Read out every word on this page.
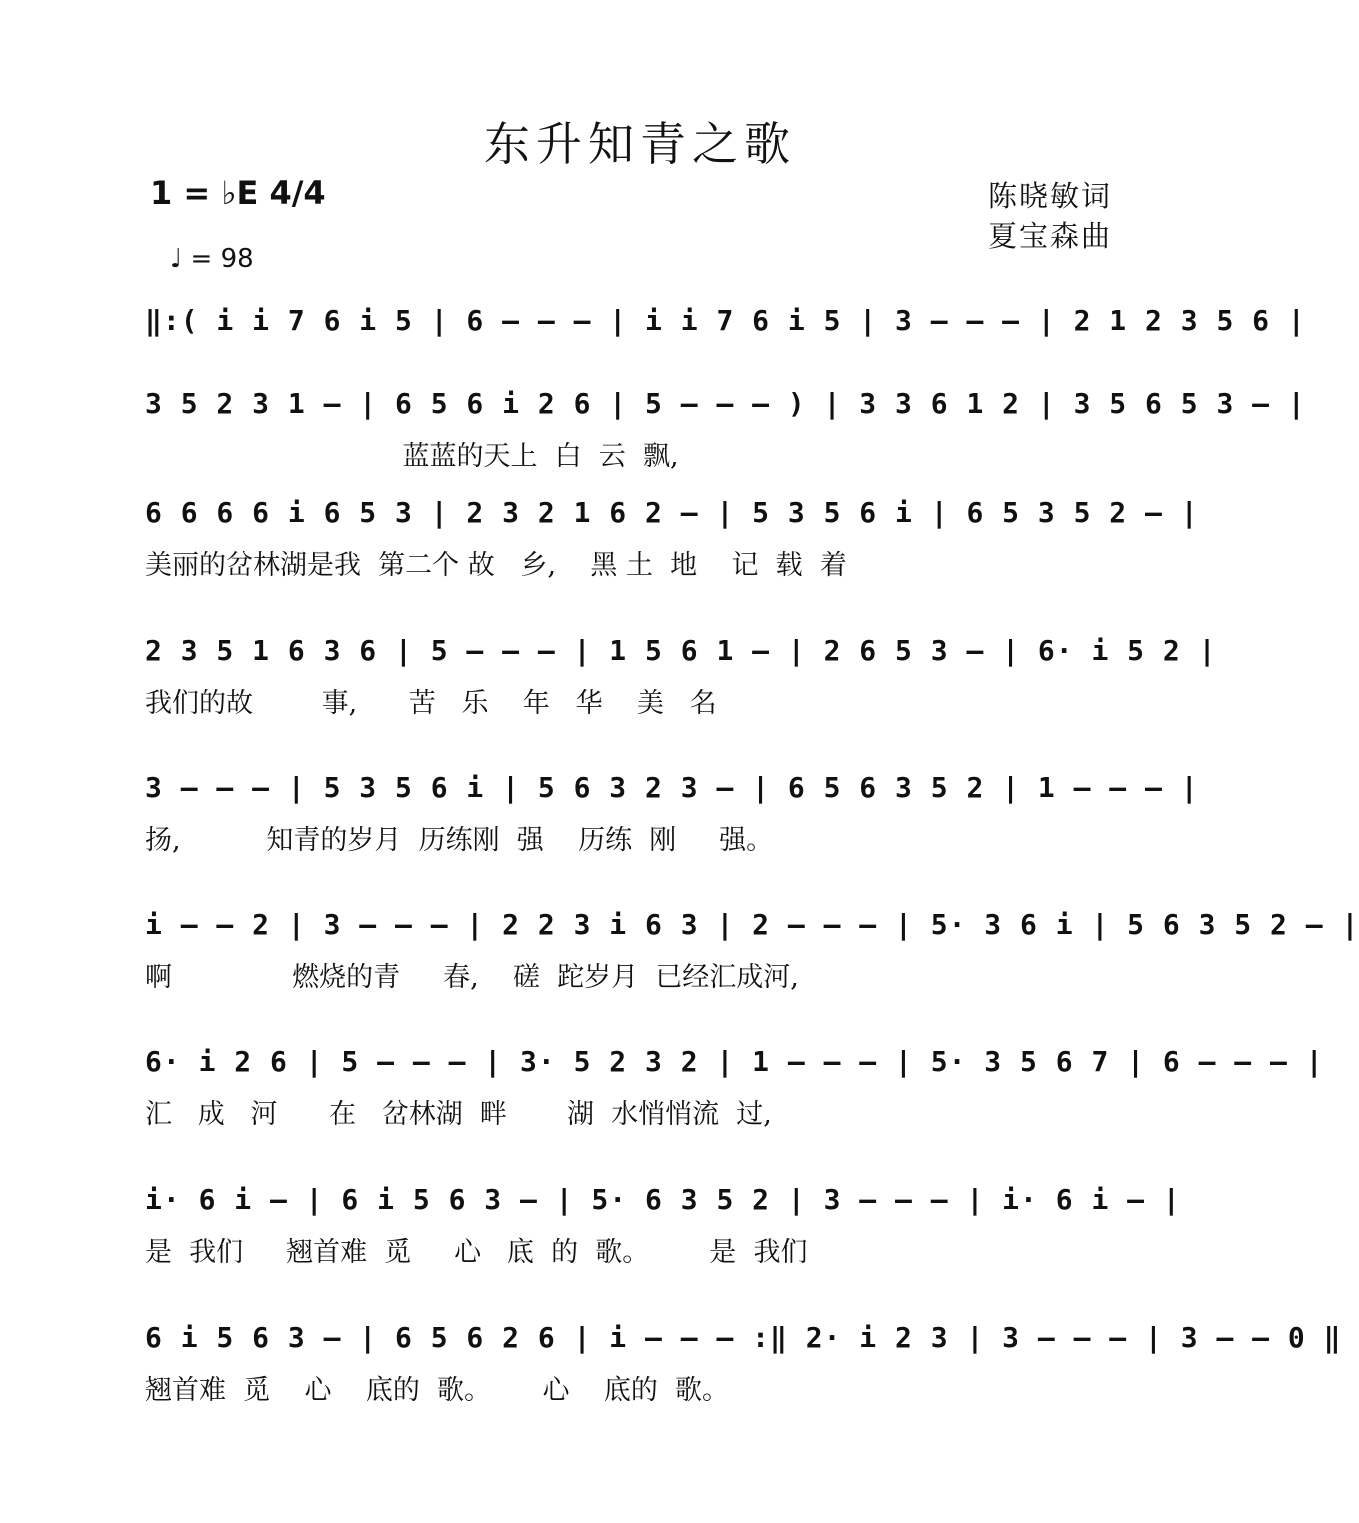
东升知青之歌
1 = ♭E 4/4	陈晓敏词
夏宝森曲
♩ = 98
‖:( i i 7 6 i 5 | 6 – – – | i i 7 6 i 5 | 3 – – – | 2 1 2 3 5 6 |
3 5 2 3 1 – | 6 5 6 i 2 6 | 5 – – – ) | 3 3 6 1 2 | 3 5 6 5 3 – |
蓝蓝的天上  白  云  飘,
6 6 6 6 i 6 5 3 | 2 3 2 1 6 2 – | 5 3 5 6 i | 6 5 3 5 2 – |
美丽的岔林湖是我  第二个 故   乡,    黑 土  地    记  载  着
2 3 5 1 6 3 6 | 5 – – – | 1 5 6 1 – | 2 6 5 3 – | 6· i 5 2 |
我们的故        事,      苦   乐    年   华    美   名
3 – – – | 5 3 5 6 i | 5 6 3 2 3 – | 6 5 6 3 5 2 | 1 – – – |
扬,          知青的岁月  历练刚  强    历练  刚     强。
i – – 2 | 3 – – – | 2 2 3 i 6 3 | 2 – – – | 5· 3 6 i | 5 6 3 5 2 – |
啊              燃烧的青     春,    磋  跎岁月  已经汇成河,
6· i 2 6 | 5 – – – | 3· 5 2 3 2 | 1 – – – | 5· 3 5 6 7 | 6 – – – |
汇   成   河      在   岔林湖  畔       湖  水悄悄流  过,
i· 6 i – | 6 i 5 6 3 – | 5· 6 3 5 2 | 3 – – – | i· 6 i – |
是  我们     翘首难  觅     心   底  的  歌。       是  我们
6 i 5 6 3 – | 6 5 6 2 6 | i – – – :‖ 2· i 2 3 | 3 – – – | 3 – – 0 ‖
翘首难  觅    心    底的  歌。      心    底的  歌。
